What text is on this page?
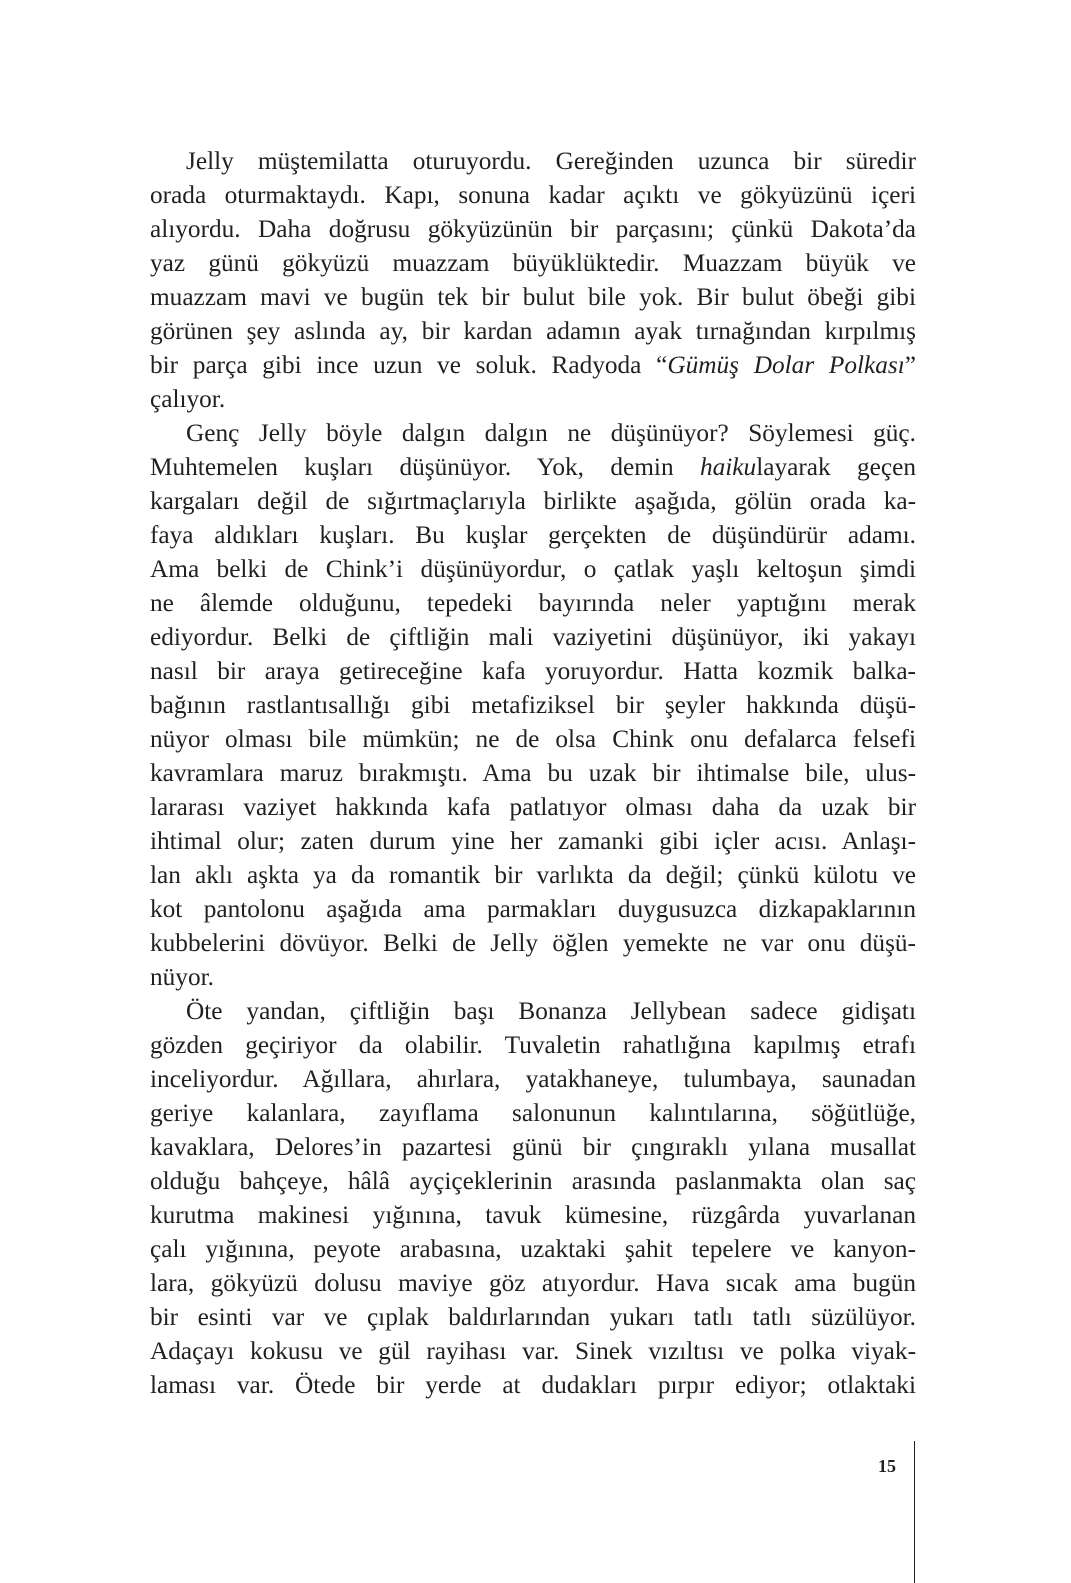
Jelly müştemilatta oturuyordu. Gereğinden uzunca bir süredir
orada oturmaktaydı. Kapı, sonuna kadar açıktı ve gökyüzünü içeri
alıyordu. Daha doğrusu gökyüzünün bir parçasını; çünkü Dakota’da
yaz günü gökyüzü muazzam büyüklüktedir. Muazzam büyük ve
muazzam mavi ve bugün tek bir bulut bile yok. Bir bulut öbeği gibi
görünen şey aslında ay, bir kardan adamın ayak tırnağından kırpılmış
bir parça gibi ince uzun ve soluk. Radyoda “Gümüş Dolar Polkası”
çalıyor.
Genç Jelly böyle dalgın dalgın ne düşünüyor? Söylemesi güç.
Muhtemelen kuşları düşünüyor. Yok, demin haikulayarak geçen
kargaları değil de sığırtmaçlarıyla birlikte aşağıda, gölün orada ka-
faya aldıkları kuşları. Bu kuşlar gerçekten de düşündürür adamı.
Ama belki de Chink’i düşünüyordur, o çatlak yaşlı keltoşun şimdi
ne âlemde olduğunu, tepedeki bayırında neler yaptığını merak
ediyordur. Belki de çiftliğin mali vaziyetini düşünüyor, iki yakayı
nasıl bir araya getireceğine kafa yoruyordur. Hatta kozmik balka-
bağının rastlantısallığı gibi metafiziksel bir şeyler hakkında düşü-
nüyor olması bile mümkün; ne de olsa Chink onu defalarca felsefi
kavramlara maruz bırakmıştı. Ama bu uzak bir ihtimalse bile, ulus-
lararası vaziyet hakkında kafa patlatıyor olması daha da uzak bir
ihtimal olur; zaten durum yine her zamanki gibi içler acısı. Anlaşı-
lan aklı aşkta ya da romantik bir varlıkta da değil; çünkü külotu ve
kot pantolonu aşağıda ama parmakları duygusuzca dizkapaklarının
kubbelerini dövüyor. Belki de Jelly öğlen yemekte ne var onu düşü-
nüyor.
Öte yandan, çiftliğin başı Bonanza Jellybean sadece gidişatı
gözden geçiriyor da olabilir. Tuvaletin rahatlığına kapılmış etrafı
inceliyordur. Ağıllara, ahırlara, yatakhaneye, tulumbaya, saunadan
geriye kalanlara, zayıflama salonunun kalıntılarına, söğütlüğe,
kavaklara, Delores’in pazartesi günü bir çıngıraklı yılana musallat
olduğu bahçeye, hâlâ ayçiçeklerinin arasında paslanmakta olan saç
kurutma makinesi yığınına, tavuk kümesine, rüzgârda yuvarlanan
çalı yığınına, peyote arabasına, uzaktaki şahit tepelere ve kanyon-
lara, gökyüzü dolusu maviye göz atıyordur. Hava sıcak ama bugün
bir esinti var ve çıplak baldırlarından yukarı tatlı tatlı süzülüyor.
Adaçayı kokusu ve gül rayihası var. Sinek vızıltısı ve polka viyak-
laması var. Ötede bir yerde at dudakları pırpır ediyor; otlaktaki
15
